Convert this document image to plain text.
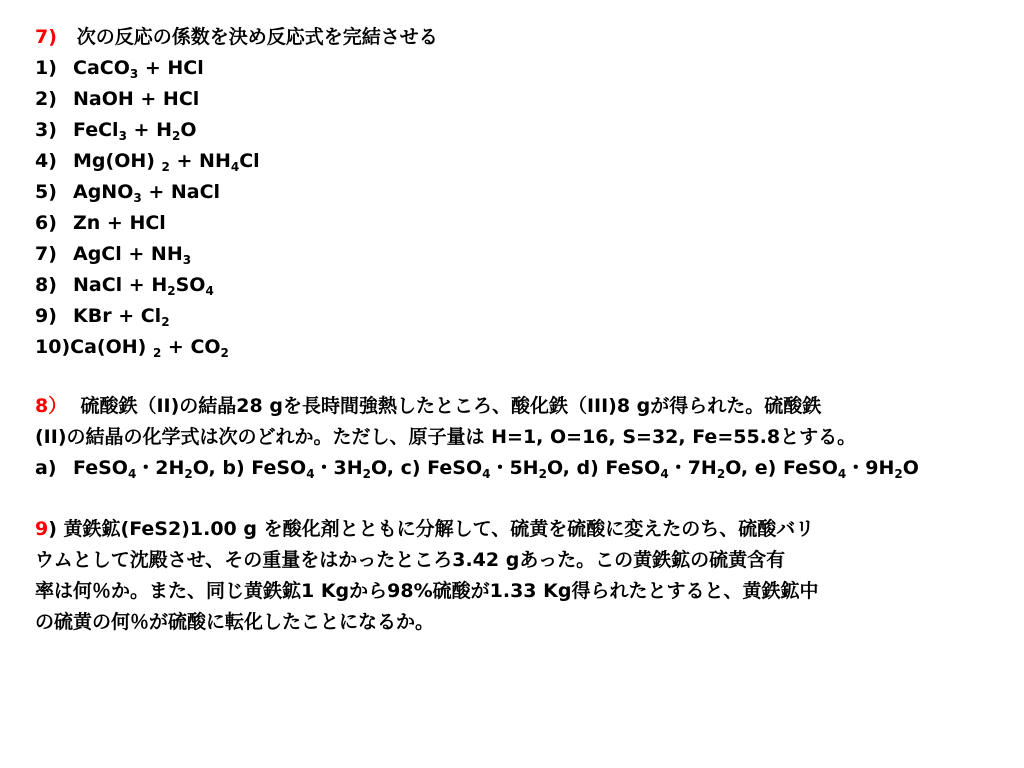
7) 次の反応の係数を決め反応式を完結させる
1) CaCO$_3$ + HCl
2) NaOH + HCl
3) FeCl$_3$ + $H_2O$
4) Mg(OH) $_2 + NH_4Cl$
5) AgNO$_3$ + NaCl
6) Zn + HCl
7) AgCl + $NH_3$
8) NaCl + $H_2SO_4$
9) KBr + $Cl_2$
10)Ca(OH) $_2 + CO_2$
8）  硫酸鉄（II)の結晶28 gを長時間強熱したところ、酸化鉄（III)8 gが得られた。硫酸鉄
(II)の結晶の化学式は次のどれか。ただし、原子量は H=1, O=16, S=32, Fe=55.8とする。
a) FeSO$_4$・$2H_2O$, b) FeSO$_4$・$3H_2O$, c) FeSO$_4$・$5H_2O$, d) FeSO$_4$・$7H_2O$, e) FeSO$_4$・$9H_2O$
9) 黄鉄鉱(FeS2)1.00 g を酸化剤とともに分解して、硫黄を硫酸に変えたのち、硫酸バリ
ウムとして沈殿させ、その重量をはかったところ3.42 gあった。この黄鉄鉱の硫黄含有
率は何％か。また、同じ黄鉄鉱1 Kgから98%硫酸が1.33 Kg得られたとすると、黄鉄鉱中
の硫黄の何％が硫酸に転化したことになるか。
